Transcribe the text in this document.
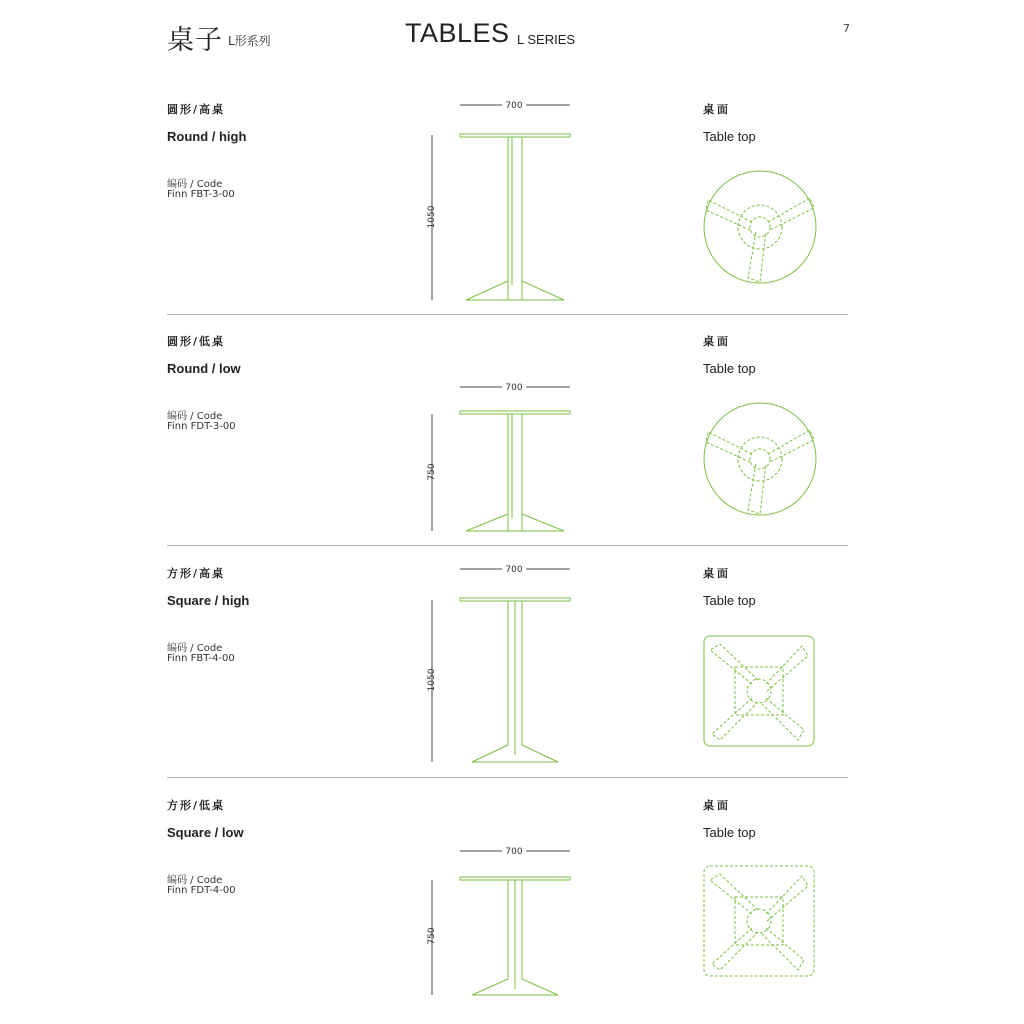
桌子 L形系列	TABLES L SERIES
7
圆形/高桌
Round / high
编码 / Code
Finn FBT-3-00
桌面
Table top
700
1050
圆形/低桌
Round / low
编码 / Code
Finn FDT-3-00
桌面
Table top
700
750
方形/高桌
Square / high
编码 / Code
Finn FBT-4-00
桌面
Table top
700
1050
方形/低桌
Square / low
编码 / Code
Finn FDT-4-00
桌面
Table top
700
750
